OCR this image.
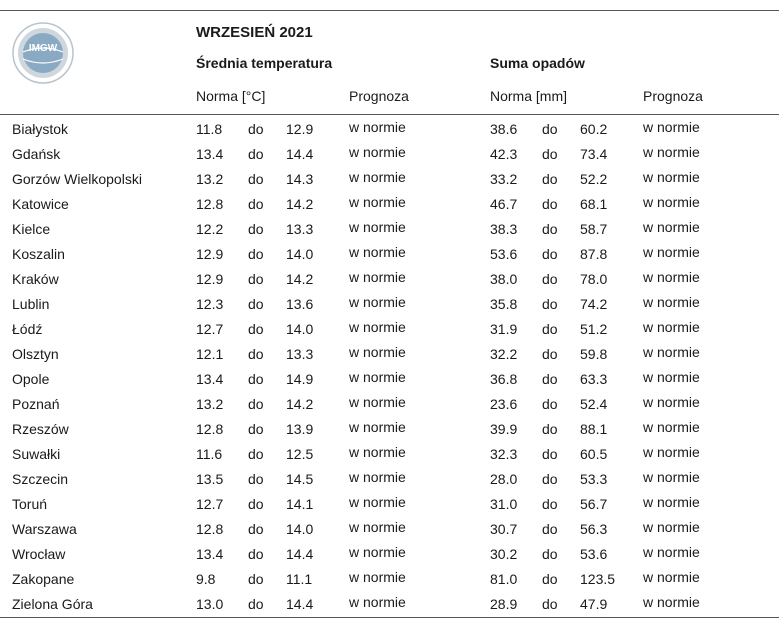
IMGW
WRZESIEŃ 2021
Średnia temperatura	Suma opadów
Norma [°C]	Prognoza	Norma [mm]	Prognoza
Białystok	11.8 do 12.9	w normie	38.6 do 60.2	w normie
Gdańsk	13.4 do 14.4	w normie	42.3 do 73.4	w normie
Gorzów Wielkopolski	13.2 do 14.3	w normie	33.2 do 52.2	w normie
Katowice	12.8 do 14.2	w normie	46.7 do 68.1	w normie
Kielce	12.2 do 13.3	w normie	38.3 do 58.7	w normie
Koszalin	12.9 do 14.0	w normie	53.6 do 87.8	w normie
Kraków	12.9 do 14.2	w normie	38.0 do 78.0	w normie
Lublin	12.3 do 13.6	w normie	35.8 do 74.2	w normie
Łódź	12.7 do 14.0	w normie	31.9 do 51.2	w normie
Olsztyn	12.1 do 13.3	w normie	32.2 do 59.8	w normie
Opole	13.4 do 14.9	w normie	36.8 do 63.3	w normie
Poznań	13.2 do 14.2	w normie	23.6 do 52.4	w normie
Rzeszów	12.8 do 13.9	w normie	39.9 do 88.1	w normie
Suwałki	11.6 do 12.5	w normie	32.3 do 60.5	w normie
Szczecin	13.5 do 14.5	w normie	28.0 do 53.3	w normie
Toruń	12.7 do 14.1	w normie	31.0 do 56.7	w normie
Warszawa	12.8 do 14.0	w normie	30.7 do 56.3	w normie
Wrocław	13.4 do 14.4	w normie	30.2 do 53.6	w normie
Zakopane	9.8 do 11.1	w normie	81.0 do 123.5 w normie
Zielona Góra	13.0 do 14.4	w normie	28.9 do 47.9	w normie
